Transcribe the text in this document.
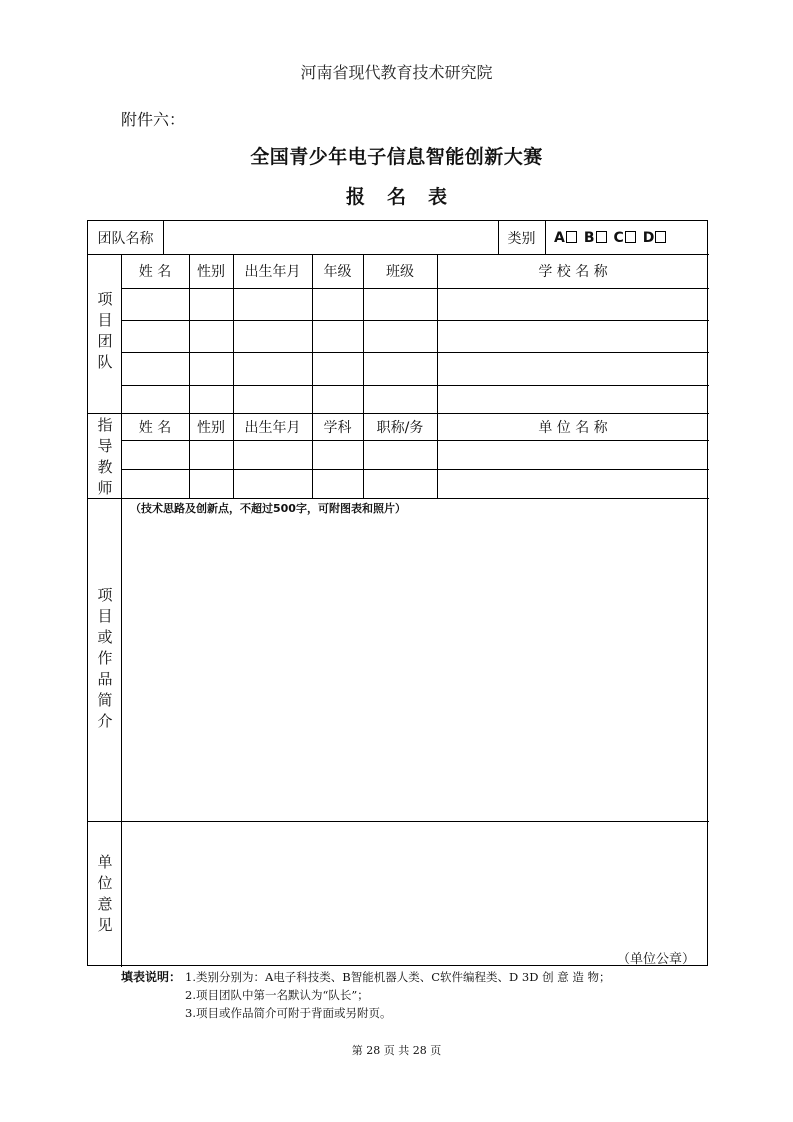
河南省现代教育技术研究院
附件六：
全国青少年电子信息智能创新大赛
报名表
团队名称	类别	A	B	C	D
项
目
团
队
姓 名	性别	出生年月	年级	班级	学 校 名 称
指
导
教
师
姓 名	性别	出生年月	学科	职称/务	单 位 名 称
项
目
或
作
品
简
介
单
位
意
见
（技术思路及创新点，不超过500字，可附图表和照片）
（单位公章）
填表说明： 1.类别分别为：A电子科技类、B智能机器人类、C软件编程类、D 3D 创 意 造 物；
2.项目团队中第一名默认为“队长”；
3.项目或作品简介可附于背面或另附页。
第 28 页 共 28 页
